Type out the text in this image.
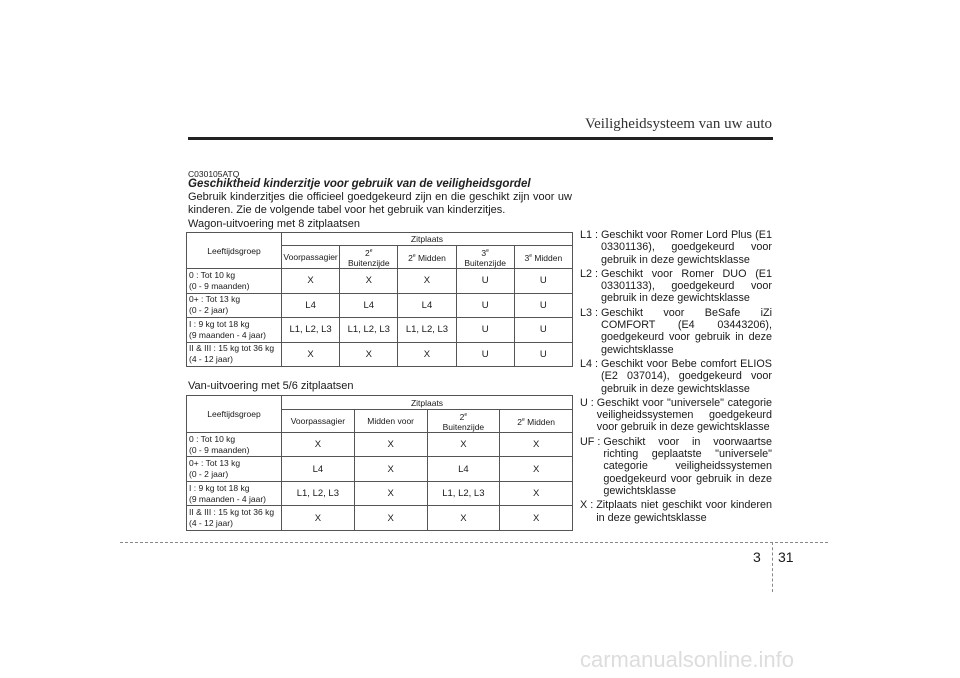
Veiligheidsysteem van uw auto
C030105ATQ
Geschiktheid kinderzitje voor gebruik van de veiligheidsgordel
Gebruik kinderzitjes die officieel goedgekeurd zijn en die geschikt zijn voor uw kinderen. Zie de volgende tabel voor het gebruik van kinderzitjes.
Wagon-uitvoering met 8 zitplaatsen
Leeftijdsgroep	Zitplaats				
	Voorpassagier	2e
Buitenzijde	2e Midden	3e
Buitenzijde	3e Midden

0 : Tot 10 kg
(0 - 9 maanden)	X	X	X	U	U

0+ : Tot 13 kg
(0 - 2 jaar)	L4	L4	L4	U	U

I : 9 kg tot 18 kg
(9 maanden - 4 jaar)	L1, L2, L3	L1, L2, L3	L1, L2, L3	U	U

II & III : 15 kg tot 36 kg
(4 - 12 jaar)	X	X	X	U	U
Van-uitvoering met 5/6 zitplaatsen
Leeftijdsgroep	Zitplaats			
	Voorpassagier	Midden voor	2e
Buitenzijde	2e Midden

0 : Tot 10 kg
(0 - 9 maanden)	X	X	X	X

0+ : Tot 13 kg
(0 - 2 jaar)	L4	X	L4	X

I : 9 kg tot 18 kg
(9 maanden - 4 jaar)	L1, L2, L3	X	L1, L2, L3	X

II & III : 15 kg tot 36 kg
(4 - 12 jaar)	X	X	X	X
L1 : Geschikt voor Romer Lord Plus (E1 03301136), goedgekeurd voor gebruik in deze gewichtsklasse
L2 : Geschikt voor Romer DUO (E1 03301133), goedgekeurd voor gebruik in deze gewichtsklasse
L3 : Geschikt voor BeSafe iZi COMFORT (E4 03443206), goedgekeurd voor gebruik in deze gewichtsklasse
L4 : Geschikt voor Bebe comfort ELIOS (E2 037014), goedgekeurd voor gebruik in deze gewichtsklasse
U : Geschikt voor "universele" categorie veiligheidssystemen goedgekeurd voor gebruik in deze gewichtsklasse
UF : Geschikt voor in voorwaartse richting geplaatste "universele" categorie veiligheidssystemen goedgekeurd voor gebruik in deze gewichtsklasse
X : Zitplaats niet geschikt voor kinderen in deze gewichtsklasse
3 31
carmanualsonline.info
